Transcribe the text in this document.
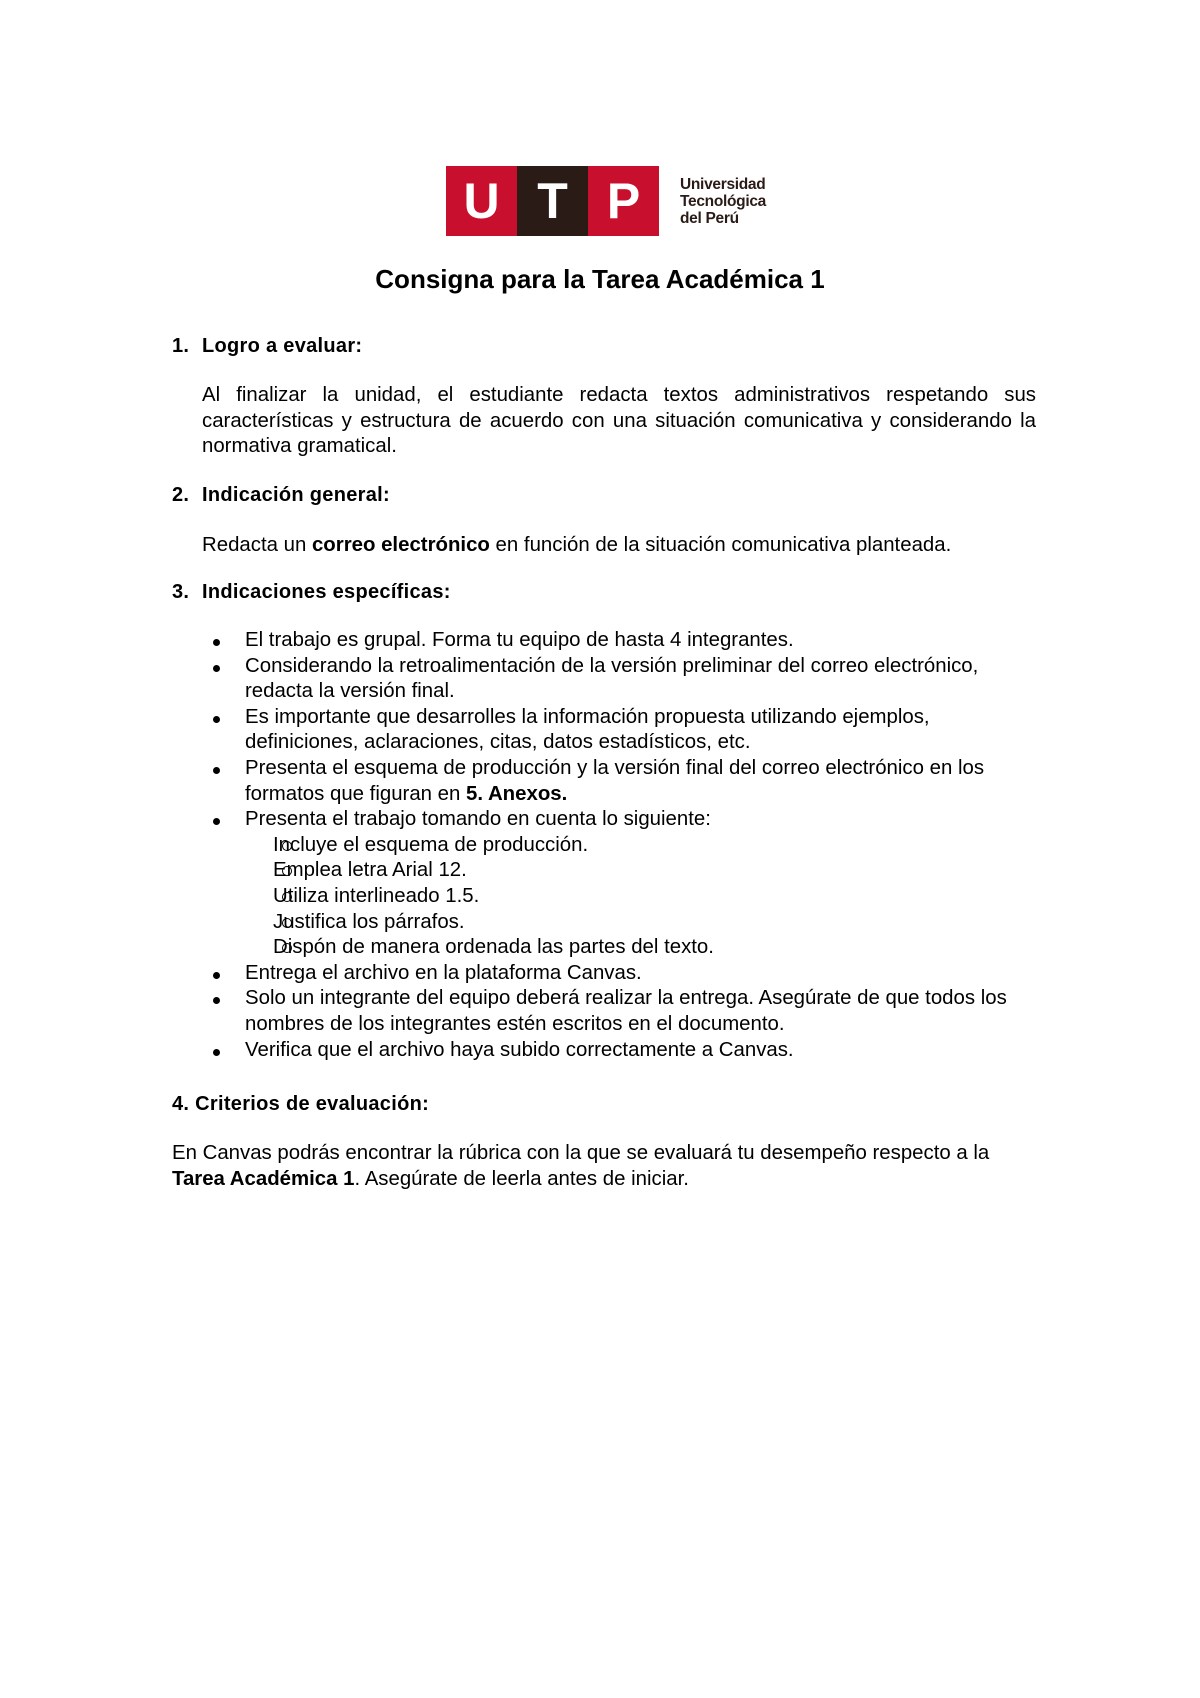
U T P	Universidad
Tecnológica
del Perú
Consigna para la Tarea Académica 1
1. Logro a evaluar:
Al finalizar la unidad, el estudiante redacta textos administrativos respetando sus características y estructura de acuerdo con una situación comunicativa y considerando la normativa gramatical.
2. Indicación general:
Redacta un correo electrónico en función de la situación comunicativa planteada.
3. Indicaciones específicas:
El trabajo es grupal. Forma tu equipo de hasta 4 integrantes.
Considerando la retroalimentación de la versión preliminar del correo electrónico, redacta la versión final.
Es importante que desarrolles la información propuesta utilizando ejemplos, definiciones, aclaraciones, citas, datos estadísticos, etc.
Presenta el esquema de producción y la versión final del correo electrónico en los formatos que figuran en 5. Anexos.
Presenta el trabajo tomando en cuenta lo siguiente:
Incluye el esquema de producción.
Emplea letra Arial 12.
Utiliza interlineado 1.5.
Justifica los párrafos.
Dispón de manera ordenada las partes del texto.
Entrega el archivo en la plataforma Canvas.
Solo un integrante del equipo deberá realizar la entrega. Asegúrate de que todos los nombres de los integrantes estén escritos en el documento.
Verifica que el archivo haya subido correctamente a Canvas.
4. Criterios de evaluación:
En Canvas podrás encontrar la rúbrica con la que se evaluará tu desempeño respecto a la Tarea Académica 1. Asegúrate de leerla antes de iniciar.
